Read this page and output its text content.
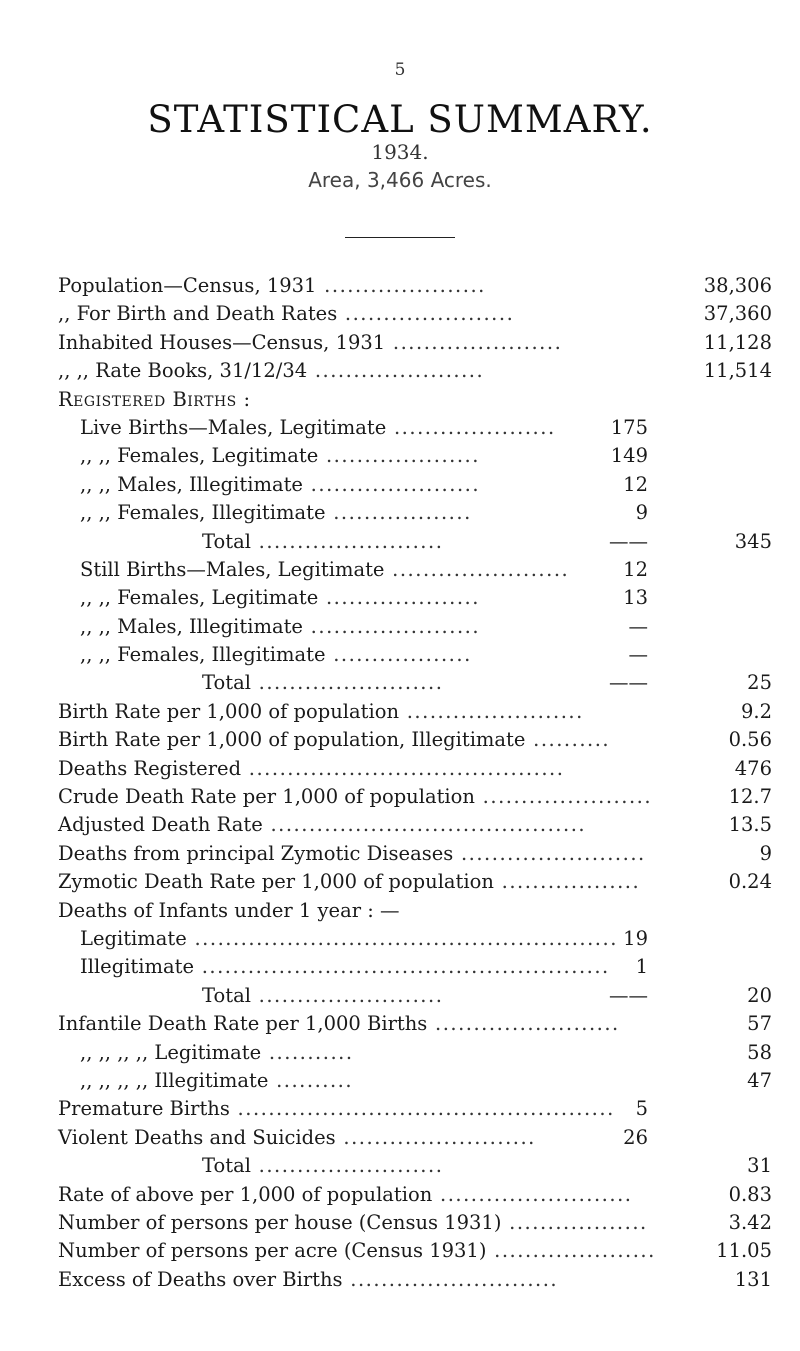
5
STATISTICAL SUMMARY.
1934.
Area, 3,466 Acres.
Population—Census, 1931 .....................	38,306
,, For Birth and Death Rates ......................	37,360
Inhabited Houses—Census, 1931 ......................	11,128
,, ,, Rate Books, 31/12/34 ......................	11,514
Registered Births :
Live Births—Males, Legitimate .....................	175
,, ,, Females, Legitimate ....................	149
,, ,, Males, Illegitimate ......................	12
,, ,, Females, Illegitimate ..................	9
Total ........................	——	345
Still Births—Males, Legitimate .......................	12
,, ,, Females, Legitimate ....................	13
,, ,, Males, Illegitimate ......................	—
,, ,, Females, Illegitimate ..................	—
Total ........................	——	25
Birth Rate per 1,000 of population .......................	9.2
Birth Rate per 1,000 of population, Illegitimate ..........	0.56
Deaths Registered .........................................	476
Crude Death Rate per 1,000 of population ......................	12.7
Adjusted Death Rate .........................................	13.5
Deaths from principal Zymotic Diseases ........................	9
Zymotic Death Rate per 1,000 of population ..................	0.24
Deaths of Infants under 1 year : —
Legitimate ....................................................... 19
Illegitimate ..................................................... 1
Total ........................	——	20
Infantile Death Rate per 1,000 Births ........................	57
,, ,, ,, ,, Legitimate ...........	58
,, ,, ,, ,, Illegitimate ..........	47
Premature Births ................................................. 5
Violent Deaths and Suicides .........................	26
Total ........................	31
Rate of above per 1,000 of population .........................	0.83
Number of persons per house (Census 1931) ..................	3.42
Number of persons per acre (Census 1931) .....................	11.05
Excess of Deaths over Births ...........................	131
